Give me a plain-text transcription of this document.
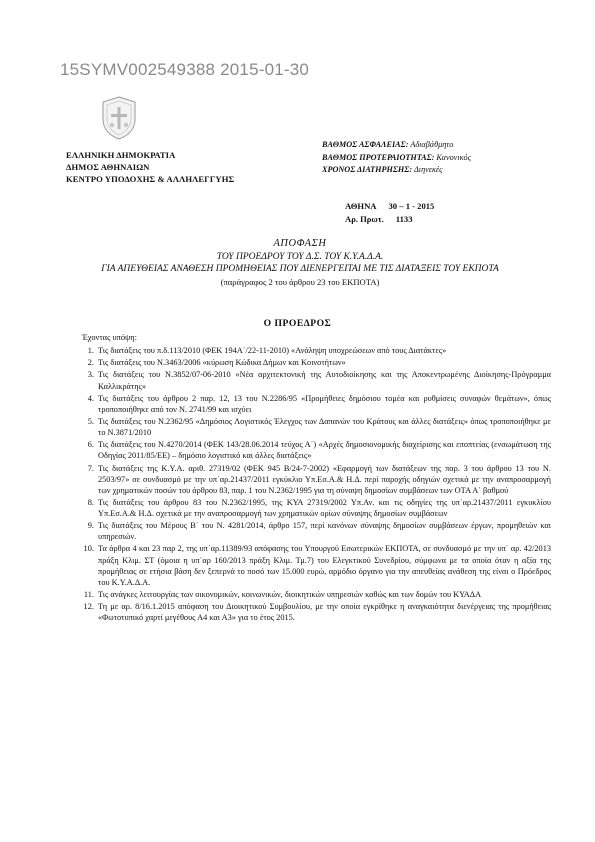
15SYMV002549388 2015-01-30
ΕΛΛΗΝΙΚΗ ΔΗΜΟΚΡΑΤΙΑ
ΔΗΜΟΣ ΑΘΗΝΑΙΩΝ
ΚΕΝΤΡΟ ΥΠΟΔΟΧΗΣ & ΑΛΛΗΛΕΓΓΥΗΣ
ΒΑΘΜΟΣ ΑΣΦΑΛΕΙΑΣ: Αδιαβάθμητο
ΒΑΘΜΟΣ ΠΡΟΤΕΡΑΙΟΤΗΤΑΣ: Κανονικός
ΧΡΟΝΟΣ ΔΙΑΤΗΡΗΣΗΣ: Διηνεκές
ΑΘΗΝΑ 30 – 1 - 2015
Αρ. Πρωτ. 1133
ΑΠΟΦΑΣΗ
ΤΟΥ ΠΡΟΕΔΡΟΥ ΤΟΥ Δ.Σ. ΤΟΥ Κ.Υ.Α.Δ.Α.
ΓΙΑ ΑΠΕΥΘΕΙΑΣ ΑΝΑΘΕΣΗ ΠΡΟΜΗΘΕΙΑΣ ΠΟΥ ΔΙΕΝΕΡΓΕΙΤΑΙ ΜΕ ΤΙΣ ΔΙΑΤΑΞΕΙΣ ΤΟΥ ΕΚΠΟΤΑ
(παράγραφος 2 του άρθρου 23 του ΕΚΠΟΤΑ)
Ο ΠΡΟΕΔΡΟΣ
Έχοντας υπόψη:
1. Τις διατάξεις του π.δ.113/2010 (ΦΕΚ 194Α΄/22-11-2010) «Ανάληψη υποχρεώσεων από τους Διατάκτες»
2. Τις διατάξεις του Ν.3463/2006 «κύρωση Κώδικα Δήμων και Κοινοτήτων»
3. Τις διατάξεις του Ν.3852/07-06-2010 «Νέα αρχιτεκτονική της Αυτοδιοίκησης και της Αποκεντρωμένης Διοίκησης-Πρόγραμμα Καλλικράτης»
4. Τις διατάξεις του άρθρου 2 παρ. 12, 13 του Ν.2286/95 «Προμήθειες δημόσιου τομέα και ρυθμίσεις συναφών θεμάτων», όπως τροποποιήθηκε από τον Ν. 2741/99 και ισχύει
5. Τις διατάξεις του Ν.2362/95 «Δημόσιος Λογιστικός Έλεγχος των Δαπανών του Κράτους και άλλες διατάξεις» όπως τροποποιήθηκε με το Ν.3871/2010
6. Τις διατάξεις του Ν.4270/2014 (ΦΕΚ 143/28.06.2014 τεύχος Α΄) «Αρχές δημοσιονομικής διαχείρισης και εποπτείας (ενσωμάτωση της Οδηγίας 2011/85/ΕΕ) – δημόσιο λογιστικό και άλλες διατάξεις»
7. Τις διατάξεις της Κ.Υ.Α. αριθ. 27319/02 (ΦΕΚ 945 Β/24-7-2002) «Εφαρμογή των διατάξεων της παρ. 3 του άρθρου 13 του Ν. 2503/97» σε συνδυασμό με την υπ΄αρ.21437/2011 εγκύκλιο Υπ.Εσ.Α.& Η.Δ. περί παροχής οδηγιών σχετικά με την αναπροσαρμογή των χρηματικών ποσών του άρθρου 83, παρ. 1 του Ν.2362/1995 για τη σύναψη δημοσίων συμβάσεων των ΟΤΑ Α΄ βαθμού
8. Τις διατάξεις του άρθρου 83 του Ν.2362/1995, της ΚΥΑ 27319/2002 Υπ.Αν. και τις οδηγίες της υπ΄αρ.21437/2011 εγκυκλίου Υπ.Εσ.Α.& Η.Δ. σχετικά με την αναπροσαρμογή των χρηματικών ορίων σύναψης δημοσίων συμβάσεων
9. Τις διατάξεις του Μέρους Β΄ του Ν. 4281/2014, άρθρο 157, περί κανόνων σύναψης δημοσίων συμβάσεων έργων, προμηθειών και υπηρεσιών.
10. Τα άρθρα 4 και 23 παρ 2, της υπ΄αρ.11389/93 απόφασης του Υπουργού Εσωτερικών ΕΚΠΟΤΑ, σε συνδυασμό με την υπ΄ αρ. 42/2013 πράξη Κλιμ. ΣΤ (όμοια η υπ΄αρ 160/2013 πράξη Κλιμ. Τμ.7) του Ελεγκτικού Συνεδρίου, σύμφωνα με τα οποία όταν η αξία της προμήθειας σε ετήσια βάση δεν ξεπερνά το ποσό των 15.000 ευρώ, αρμόδιο όργανο για την απευθείας ανάθεση της είναι ο Πρόεδρος του Κ.Υ.Α.Δ.Α.
11. Τις ανάγκες λειτουργίας των οικονομικών, κοινωνικών, διοικητικών υπηρεσιών καθώς και των δομών του ΚΥΑΔΑ
12. Τη με αρ. 8/16.1.2015 απόφαση του Διοικητικού Συμβουλίου, με την οποία εγκρίθηκε η αναγκαιότητα διενέργειας της προμήθειας «Φωτοτυπικό χαρτί μεγέθους Α4 και Α3» για το έτος 2015.
